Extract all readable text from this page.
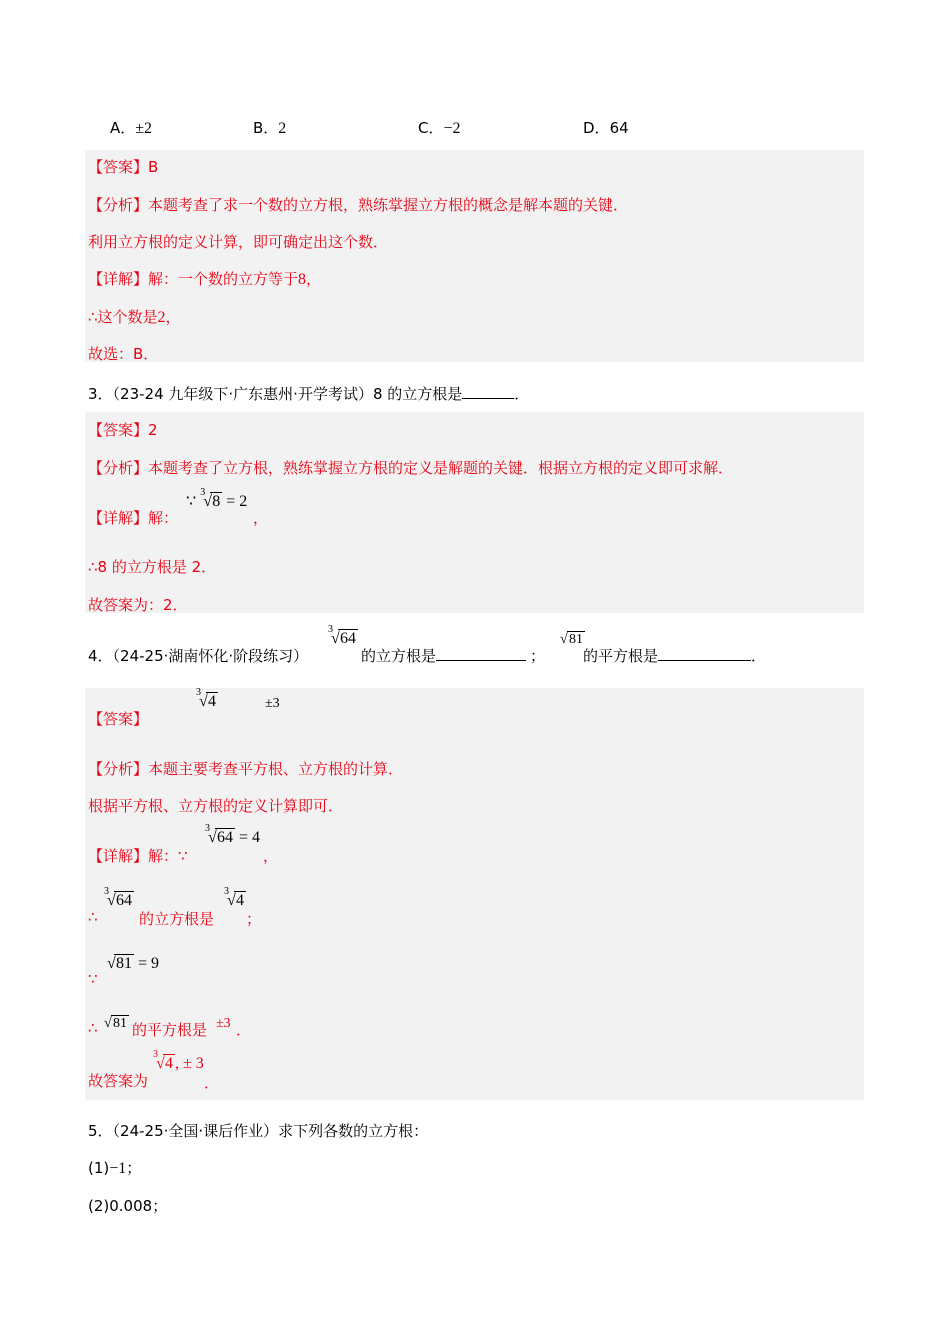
A．±2	B．2	C．−2	D．64
【答案】B
【分析】本题考查了求一个数的立方根，熟练掌握立方根的概念是解本题的关键．
利用立方根的定义计算，即可确定出这个数．
【详解】解：一个数的立方等于8，
∴这个数是2，
故选：B．
3．（23-24 九年级下·广东惠州·开学考试）8 的立方根是	．
【答案】2
【分析】本题考查了立方根，熟练掌握立方根的定义是解题的关键．根据立方根的定义即可求解．
【详解】解：
∵
3
√ 8 = 2
，
∴8 的立方根是 2．
故答案为：2．
4．（24-25·湖南怀化·阶段练习）
3
√ 64
的立方根是	；
√ 81
的平方根是	．
【答案】
3
√ 4	±3
【分析】本题主要考查平方根、立方根的计算．
根据平方根、立方根的定义计算即可．
【详解】解：∵
3
√ 64 = 4
，
∴
3
√ 64
的立方根是
3
√ 4
；
∵
√ 81 = 9
∴ √ 81 的平方根是 ±3 ．
故答案为
3
√ 4 , ± 3
．
5．（24-25·全国·课后作业）求下列各数的立方根：
(1)−1；
(2)0.008；
